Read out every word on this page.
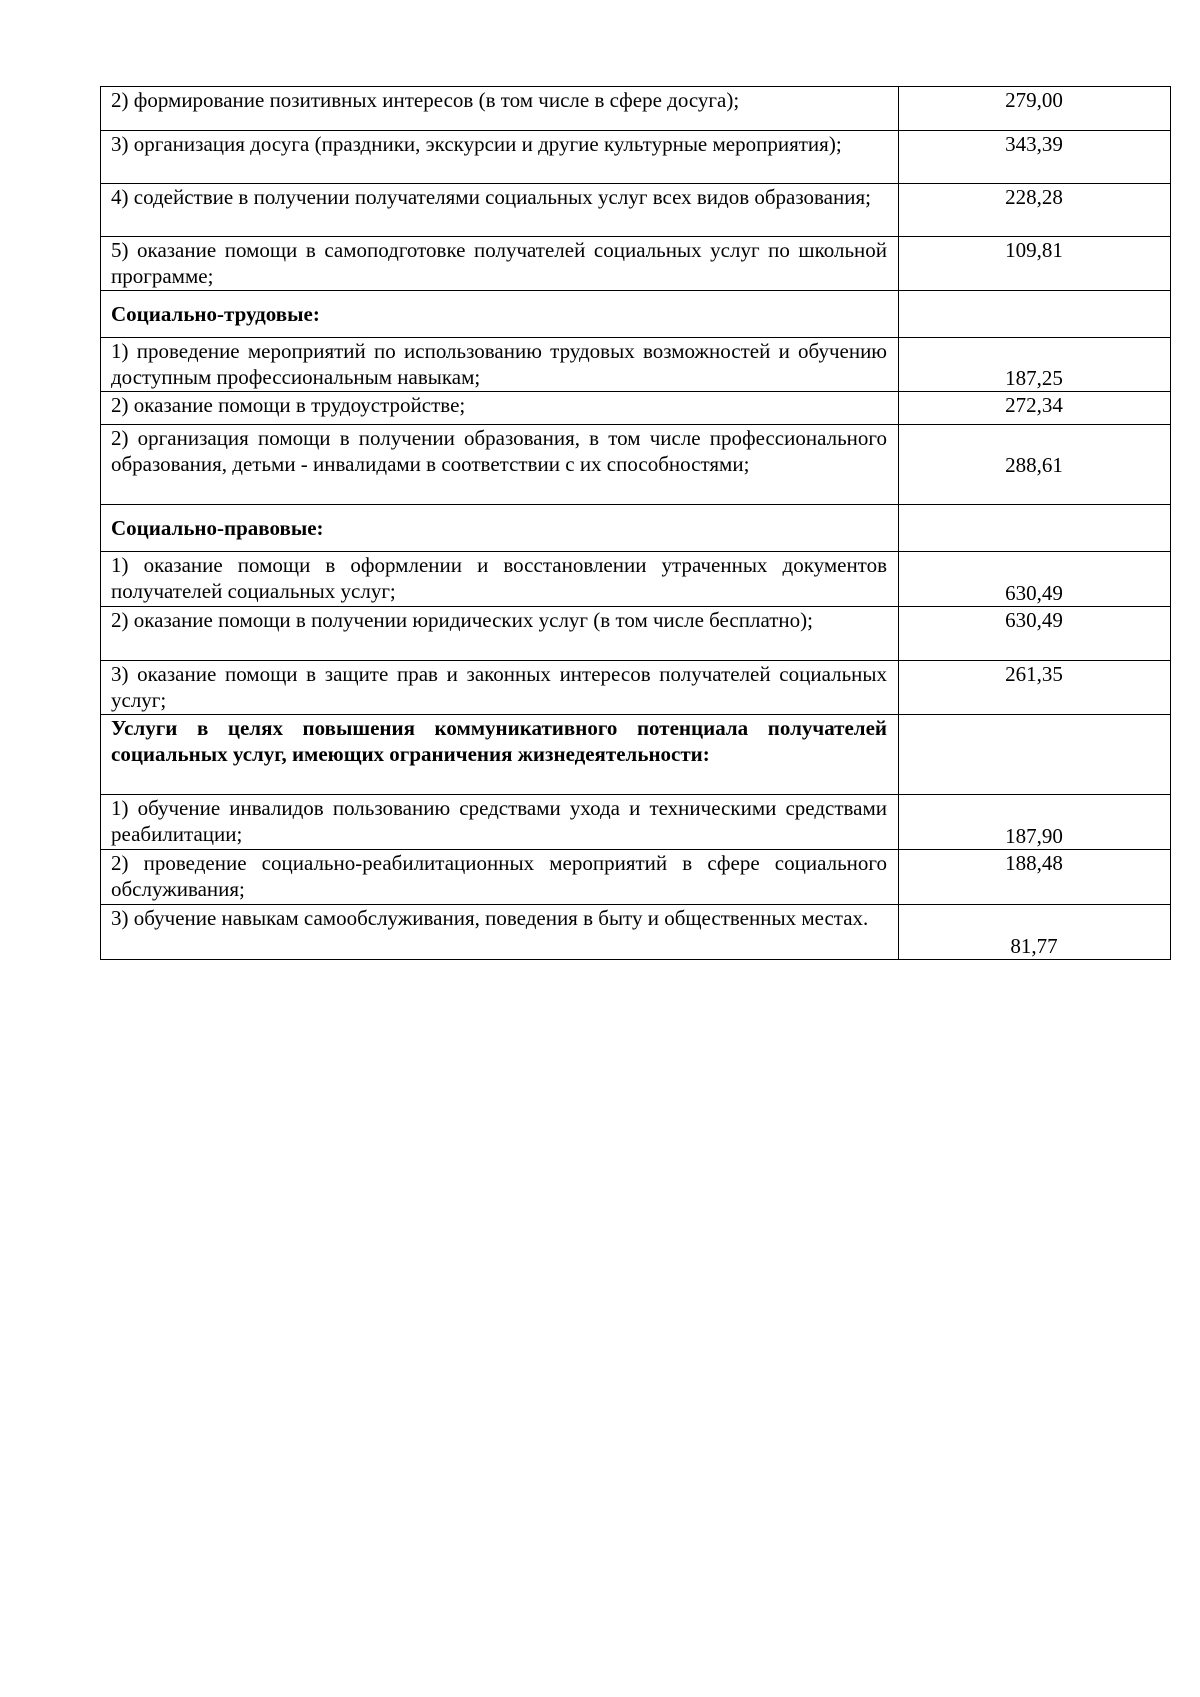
2) формирование позитивных интересов (в том числе в сфере досуга);	279,00
3) организация досуга (праздники, экскурсии и другие культурные мероприятия);	343,39
4) содействие в получении получателями социальных услуг всех видов образования;	228,28
5) оказание помощи в самоподготовке получателей социальных услуг по школьной программе;	109,81
Социально-трудовые:	
1) проведение мероприятий по использованию трудовых возможностей и обучению доступным профессиональным навыкам;	187,25
2) оказание помощи в трудоустройстве;	272,34
2) организация помощи в получении образования, в том числе профессионального образования, детьми - инвалидами в соответствии с их способностями;	288,61
Социально-правовые:	
1) оказание помощи в оформлении и восстановлении утраченных документов получателей социальных услуг;	630,49
2) оказание помощи в получении юридических услуг (в том числе бесплатно);	630,49
3) оказание помощи в защите прав и законных интересов получателей социальных услуг;	261,35
Услуги в целях повышения коммуникативного потенциала получателей социальных услуг, имеющих ограничения жизнедеятельности:	
1) обучение инвалидов пользованию средствами ухода и техническими средствами реабилитации;	187,90
2) проведение социально-реабилитационных мероприятий в сфере социального обслуживания;	188,48
3) обучение навыкам самообслуживания, поведения в быту и общественных местах.	81,77
